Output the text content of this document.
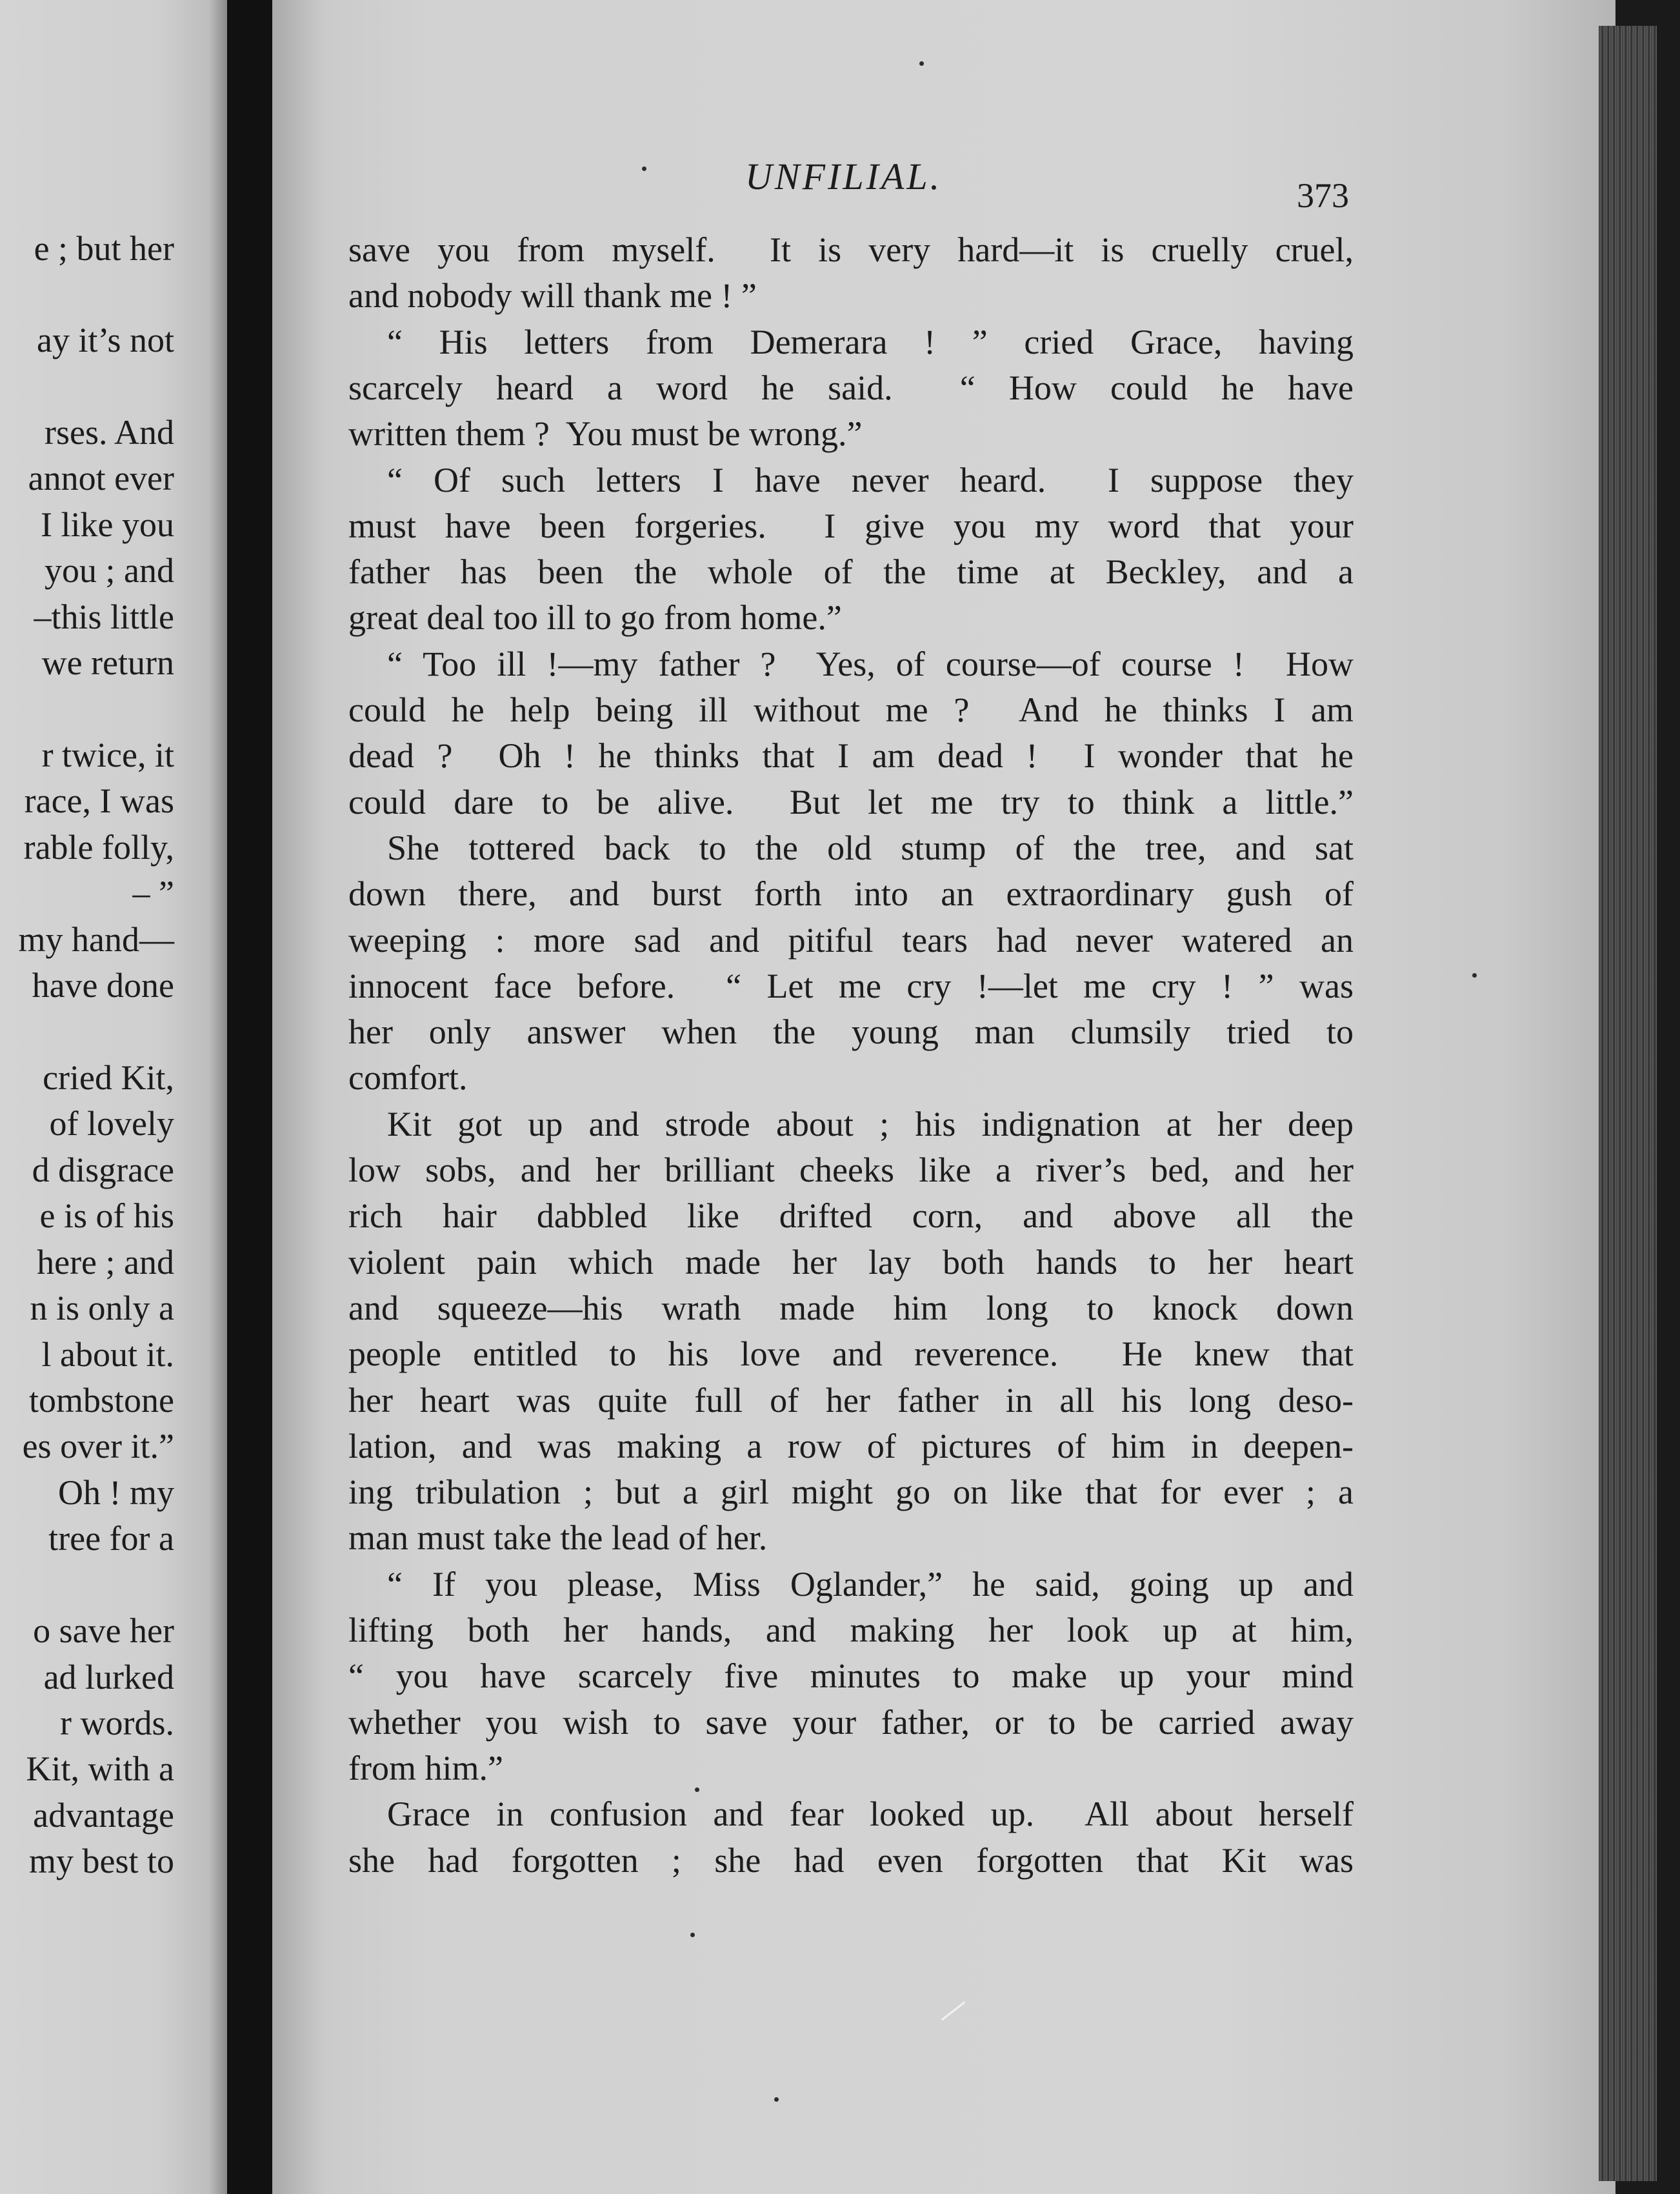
e ; but her
ay it’s not
rses. And
annot ever
I like you
you ; and
–this little
we return
r twice, it
race, I was
rable folly,
– ”
my hand—
have done
cried Kit,
of lovely
d disgrace
e is of his
here ; and
n is only a
l about it.
tombstone
es over it.”
Oh ! my
tree for a
o save her
ad lurked
r words.
Kit, with a
advantage
my best to
UNFILIAL.	373
save you from myself.  It is very hard—it is cruelly cruel,
and nobody will thank me ! ”
“ His letters from Demerara ! ” cried Grace, having
scarcely heard a word he said.  “ How could he have
written them ?  You must be wrong.”
“ Of such letters I have never heard.  I suppose they
must have been forgeries.  I give you my word that your
father has been the whole of the time at Beckley, and a
great deal too ill to go from home.”
“ Too ill !—my father ?  Yes, of course—of course !  How
could he help being ill without me ?  And he thinks I am
dead ?  Oh ! he thinks that I am dead !  I wonder that he
could dare to be alive.  But let me try to think a little.”
She tottered back to the old stump of the tree, and sat
down there, and burst forth into an extraordinary gush of
weeping : more sad and pitiful tears had never watered an
innocent face before.  “ Let me cry !—let me cry ! ” was
her only answer when the young man clumsily tried to
comfort.
Kit got up and strode about ; his indignation at her deep
low sobs, and her brilliant cheeks like a river’s bed, and her
rich hair dabbled like drifted corn, and above all the
violent pain which made her lay both hands to her heart
and squeeze—his wrath made him long to knock down
people entitled to his love and reverence.  He knew that
her heart was quite full of her father in all his long deso-
lation, and was making a row of pictures of him in deepen-
ing tribulation ; but a girl might go on like that for ever ; a
man must take the lead of her.
“ If you please, Miss Oglander,” he said, going up and
lifting both her hands, and making her look up at him,
“ you have scarcely five minutes to make up your mind
whether you wish to save your father, or to be carried away
from him.”
Grace in confusion and fear looked up.  All about herself
she had forgotten ; she had even forgotten that Kit was
